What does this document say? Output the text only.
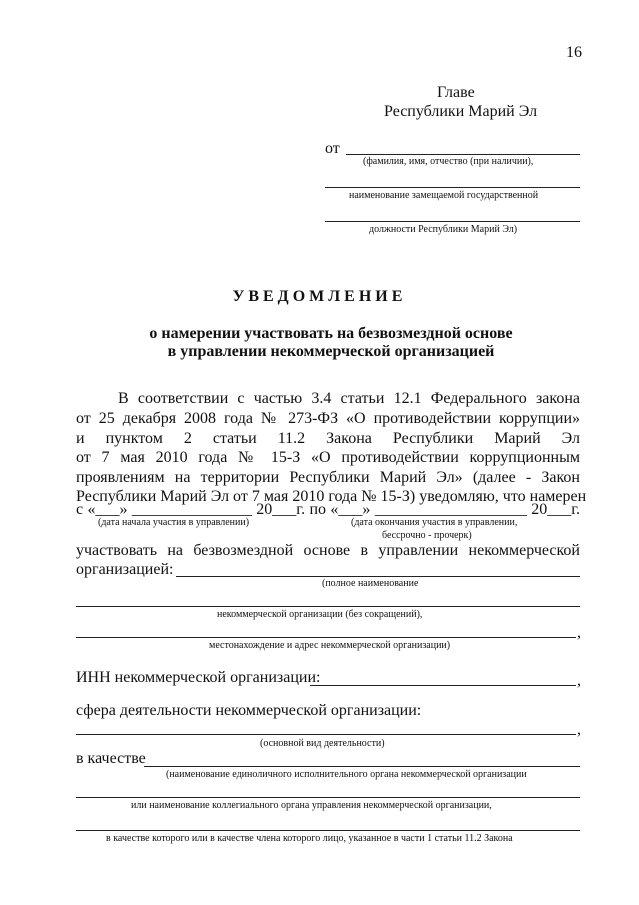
16
Главе
Республики Марий Эл
от
(фамилия, имя, отчество (при наличии),
наименование замещаемой государственной
должности Республики Марий Эл)
УВЕДОМЛЕНИЕ
о намерении участвовать на безвозмездной основе
в управлении некоммерческой организацией
В соответствии с частью 3.4 статьи 12.1 Федерального закона
от 25 декабря 2008 года № 273-ФЗ «О противодействии коррупции»
и пунктом 2 статьи 11.2 Закона Республики Марий Эл
от 7 мая 2010 года № 15-З «О противодействии коррупционным
проявлениям на территории Республики Марий Эл» (далее - Закон
Республики Марий Эл от 7 мая 2010 года № 15-З) уведомляю, что намерен
с «___» _______________ 20___г. по «___» ___________________ 20___г.
(дата начала участия в управлении)	(дата окончания участия в управлении,
бессрочно - прочерк)
участвовать на безвозмездной основе в управлении некоммерческой
организацией:
(полное наименование
некоммерческой организации (без сокращений),
,
местонахождение и адрес некоммерческой организации)
ИНН некоммерческой организации:	,
сфера деятельности некоммерческой организации:
,
(основной вид деятельности)
в качестве
(наименование единоличного исполнительного органа некоммерческой организации
или наименование коллегиального органа управления некоммерческой организации,
в качестве которого или в качестве члена которого лицо, указанное в части 1 статьи 11.2 Закона
